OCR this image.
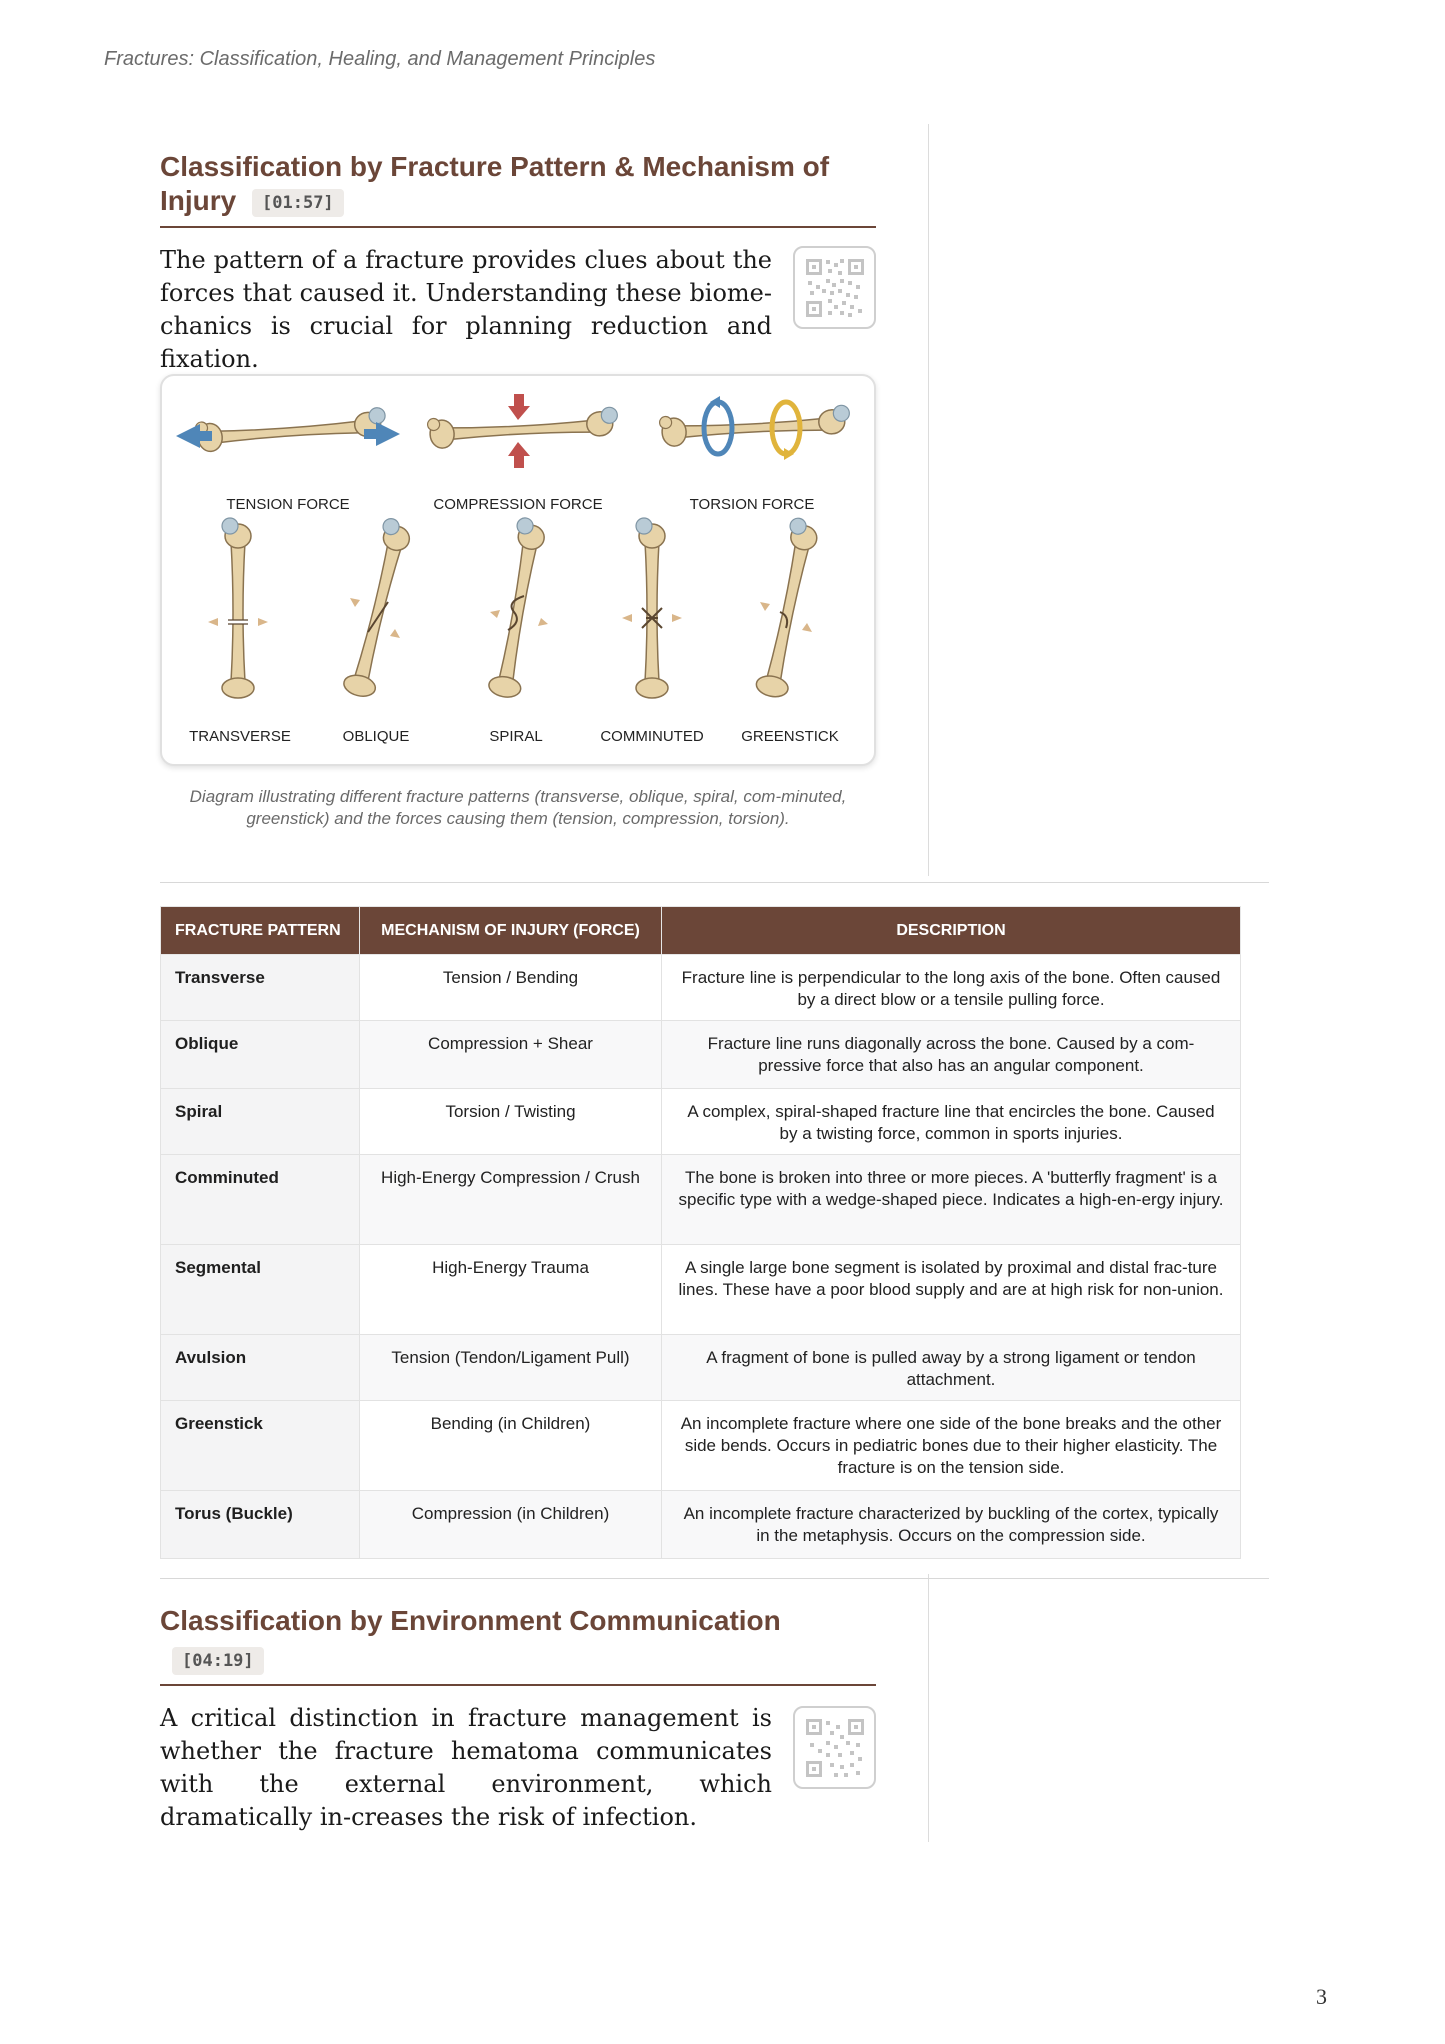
Fractures: Classification, Healing, and Management Principles
Classification by Fracture Pattern & Mechanism of Injury [01:57]
The pattern of a fracture provides clues about the forces that caused it. Understanding these biome-chanics is crucial for planning reduction and fixation.
TENSION FORCE	COMPRESSION FORCE	TORSION FORCE
TRANSVERSE	OBLIQUE	SPIRAL	COMMINUTED	GREENSTICK
Diagram illustrating different fracture patterns (transverse, oblique, spiral, com-minuted, greenstick) and the forces causing them (tension, compression, torsion).
FRACTURE PATTERN	MECHANISM OF INJURY (FORCE)	DESCRIPTION
Transverse	Tension / Bending	Fracture line is perpendicular to the long axis of the bone. Often caused by a direct blow or a tensile pulling force.
Oblique	Compression + Shear	Fracture line runs diagonally across the bone. Caused by a com-pressive force that also has an angular component.
Spiral	Torsion / Twisting	A complex, spiral-shaped fracture line that encircles the bone. Caused by a twisting force, common in sports injuries.
Comminuted	High-Energy Compression / Crush	The bone is broken into three or more pieces. A 'butterfly fragment' is a specific type with a wedge-shaped piece. Indicates a high-en-ergy injury.
Segmental	High-Energy Trauma	A single large bone segment is isolated by proximal and distal frac-ture lines. These have a poor blood supply and are at high risk for non-union.
Avulsion	Tension (Tendon/Ligament Pull)	A fragment of bone is pulled away by a strong ligament or tendon attachment.
Greenstick	Bending (in Children)	An incomplete fracture where one side of the bone breaks and the other side bends. Occurs in pediatric bones due to their higher elasticity. The fracture is on the tension side.
Torus (Buckle)	Compression (in Children)	An incomplete fracture characterized by buckling of the cortex, typically in the metaphysis. Occurs on the compression side.
Classification by Environment Communication
[04:19]
A critical distinction in fracture management is whether the fracture hematoma communicates with the external environment, which dramatically in-creases the risk of infection.
3
